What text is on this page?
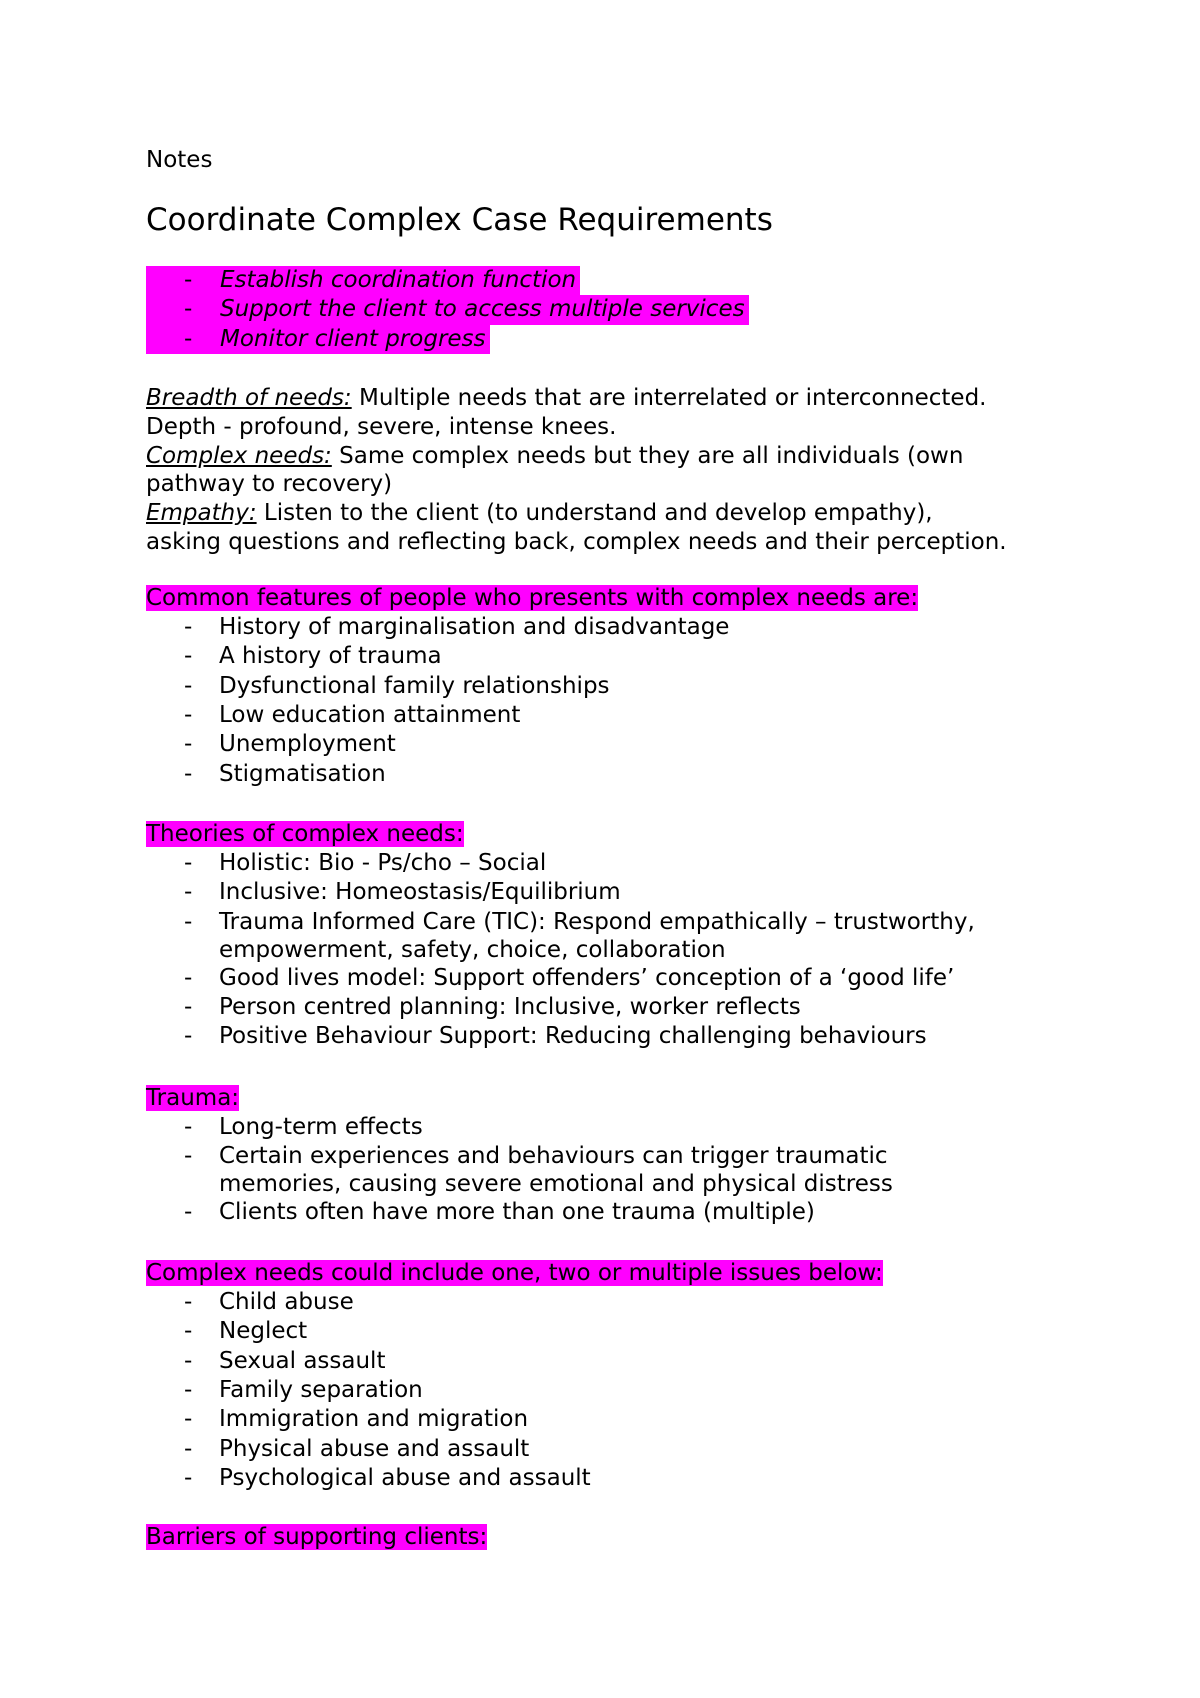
Notes
Coordinate Complex Case Requirements
- Establish coordination function
- Support the client to access multiple services
- Monitor client progress
Breadth of needs: Multiple needs that are interrelated or interconnected.
Depth - profound, severe, intense knees.
Complex needs: Same complex needs but they are all individuals (own
pathway to recovery)
Empathy: Listen to the client (to understand and develop empathy),
asking questions and reflecting back, complex needs and their perception.
Common features of people who presents with complex needs are:
- History of marginalisation and disadvantage
- A history of trauma
- Dysfunctional family relationships
- Low education attainment
- Unemployment
- Stigmatisation
Theories of complex needs:
- Holistic: Bio - Ps/cho – Social
- Inclusive: Homeostasis/Equilibrium
- Trauma Informed Care (TIC): Respond empathically – trustworthy,
empowerment, safety, choice, collaboration
- Good lives model: Support offenders’ conception of a ‘good life’
- Person centred planning: Inclusive, worker reflects
- Positive Behaviour Support: Reducing challenging behaviours
Trauma:
- Long-term effects
- Certain experiences and behaviours can trigger traumatic
memories, causing severe emotional and physical distress
- Clients often have more than one trauma (multiple)
Complex needs could include one, two or multiple issues below:
- Child abuse
- Neglect
- Sexual assault
- Family separation
- Immigration and migration
- Physical abuse and assault
- Psychological abuse and assault
Barriers of supporting clients:
